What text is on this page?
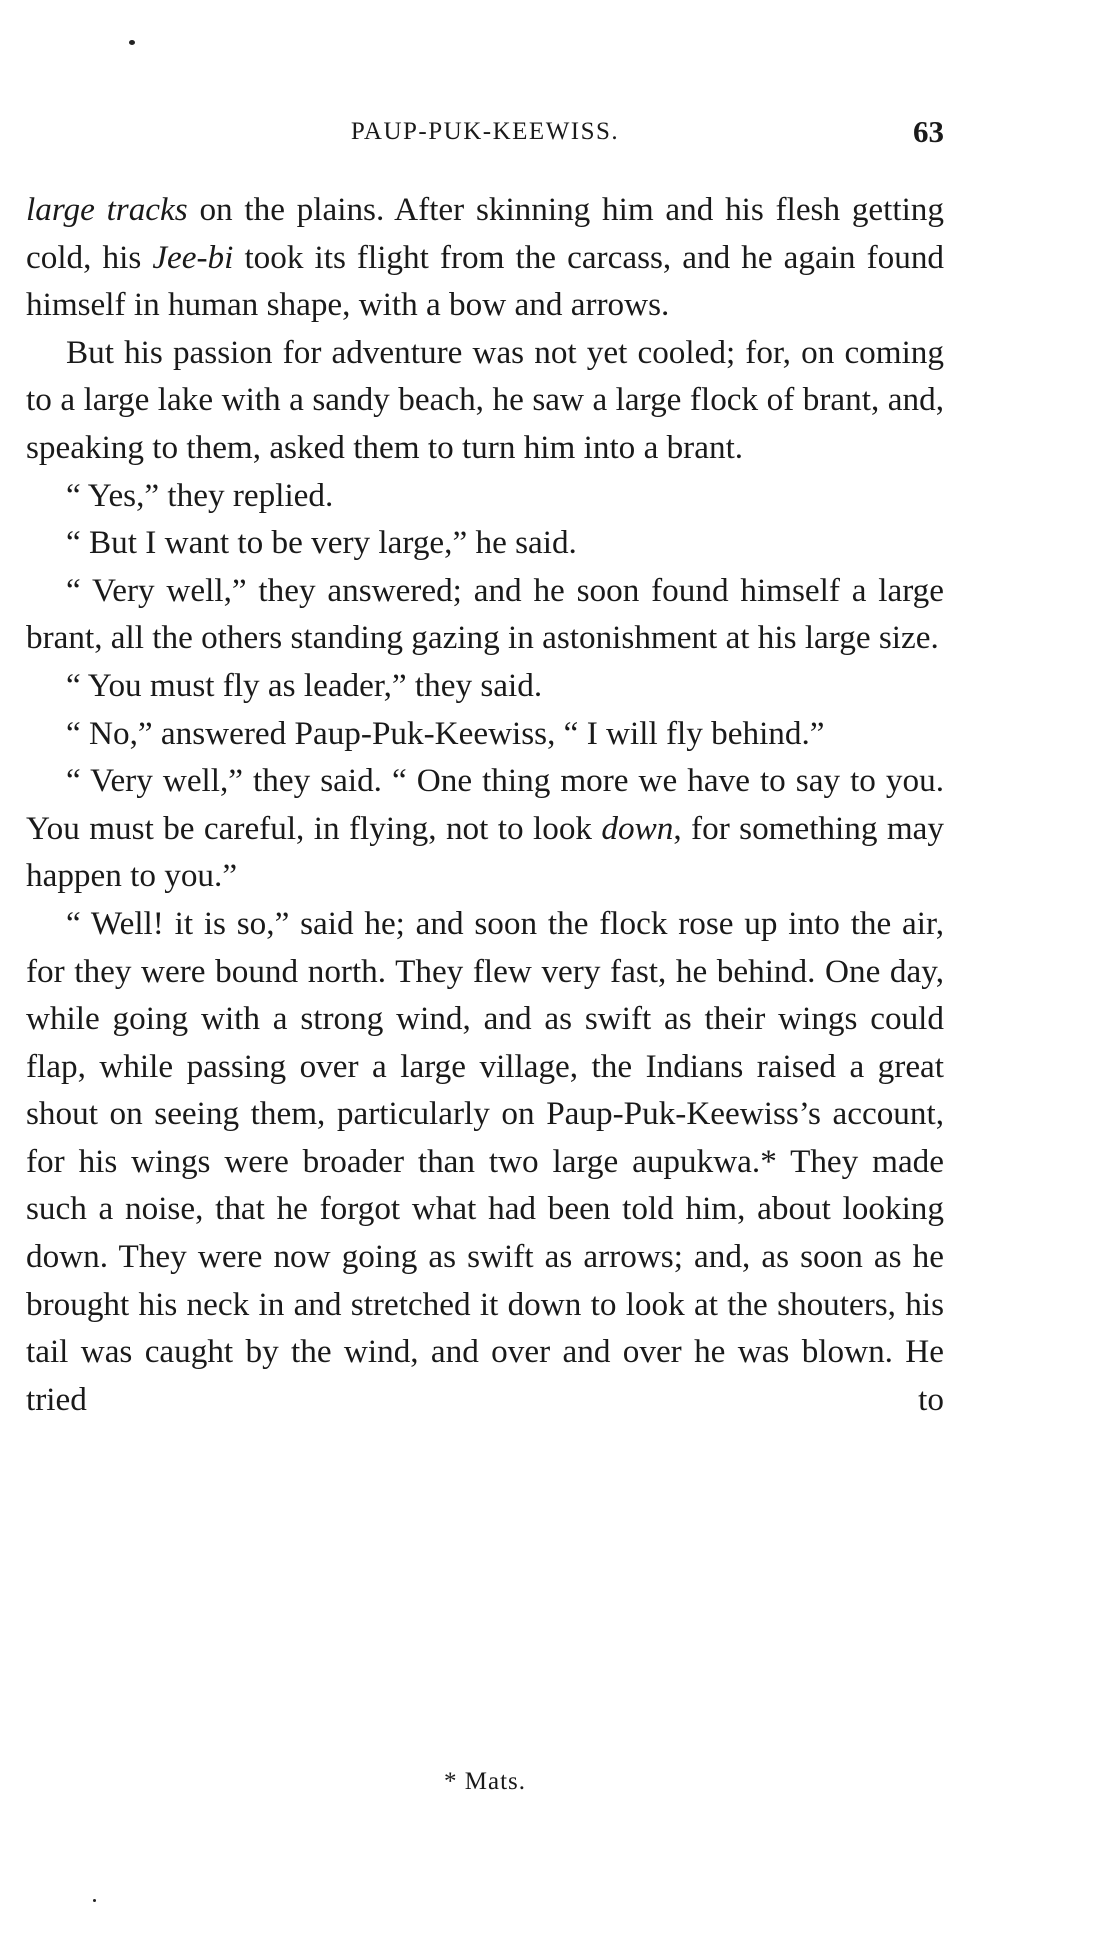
PAUP-PUK-KEEWISS.	63

large tracks on the plains. After skinning him and his flesh getting cold, his Jee-bi took its flight from the carcass, and he again found himself in human shape, with a bow and arrows.

But his passion for adventure was not yet cooled; for, on coming to a large lake with a sandy beach, he saw a large flock of brant, and, speaking to them, asked them to turn him into a brant.

“ Yes,” they replied.

“ But I want to be very large,” he said.

“ Very well,” they answered; and he soon found himself a large brant, all the others standing gazing in astonishment at his large size.

“ You must fly as leader,” they said.

“ No,” answered Paup-Puk-Keewiss, “ I will fly behind.”

“ Very well,” they said. “ One thing more we have to say to you. You must be careful, in flying, not to look down, for something may happen to you.”

“ Well! it is so,” said he; and soon the flock rose up into the air, for they were bound north. They flew very fast, he behind. One day, while going with a strong wind, and as swift as their wings could flap, while passing over a large village, the Indians raised a great shout on seeing them, particularly on Paup-Puk-Keewiss’s account, for his wings were broader than two large aupukwa.* They made such a noise, that he forgot what had been told him, about looking down. They were now going as swift as arrows; and, as soon as he brought his neck in and stretched it down to look at the shouters, his tail was caught by the wind, and over and over he was blown. He tried to

* Mats.
